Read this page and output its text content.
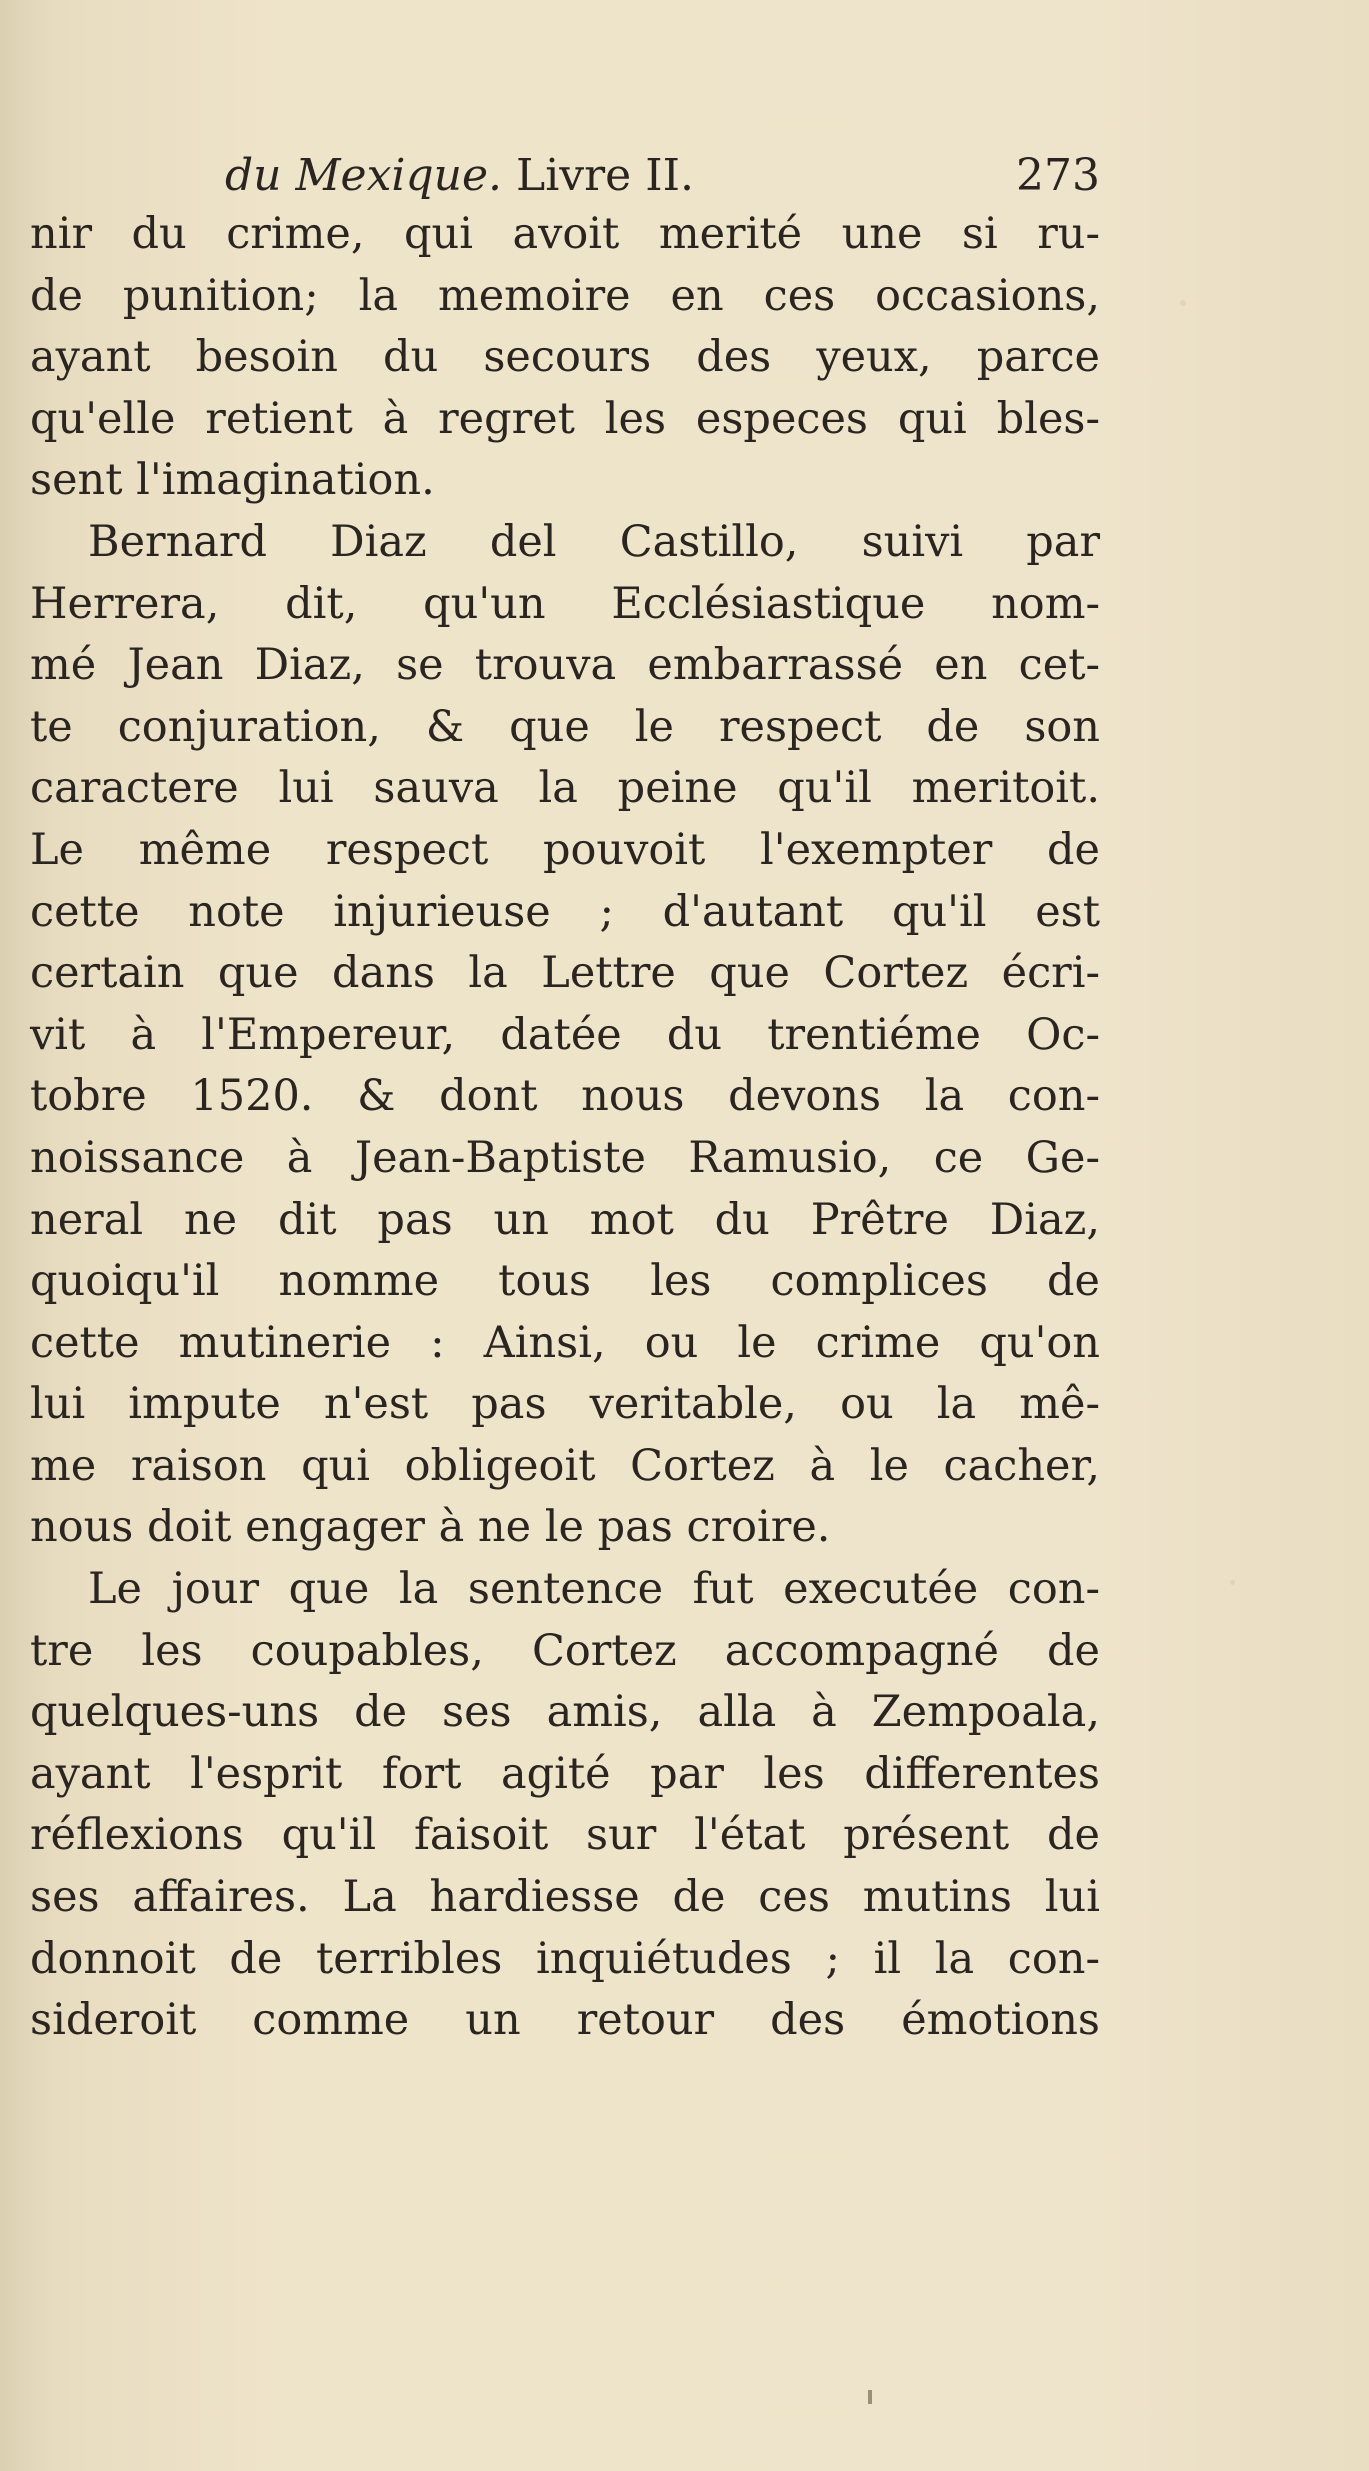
du Mexique. Livre II.	273
nir du crime, qui avoit merité une si ru-
de punition; la memoire en ces occasions,
ayant besoin du secours des yeux, parce
qu'elle retient à regret les especes qui bles-
sent l'imagination.
Bernard Diaz del Castillo, suivi par
Herrera, dit, qu'un Ecclésiastique nom-
mé Jean Diaz, se trouva embarrassé en cet-
te conjuration, & que le respect de son
caractere lui sauva la peine qu'il meritoit.
Le même respect pouvoit l'exempter de
cette note injurieuse ; d'autant qu'il est
certain que dans la Lettre que Cortez écri-
vit à l'Empereur, datée du trentiéme Oc-
tobre 1520. & dont nous devons la con-
noissance à Jean-Baptiste Ramusio, ce Ge-
neral ne dit pas un mot du Prêtre Diaz,
quoiqu'il nomme tous les complices de
cette mutinerie : Ainsi, ou le crime qu'on
lui impute n'est pas veritable, ou la mê-
me raison qui obligeoit Cortez à le cacher,
nous doit engager à ne le pas croire.
Le jour que la sentence fut executée con-
tre les coupables, Cortez accompagné de
quelques-uns de ses amis, alla à Zempoala,
ayant l'esprit fort agité par les differentes
réflexions qu'il faisoit sur l'état présent de
ses affaires. La hardiesse de ces mutins lui
donnoit de terribles inquiétudes ; il la con-
sideroit comme un retour des émotions
